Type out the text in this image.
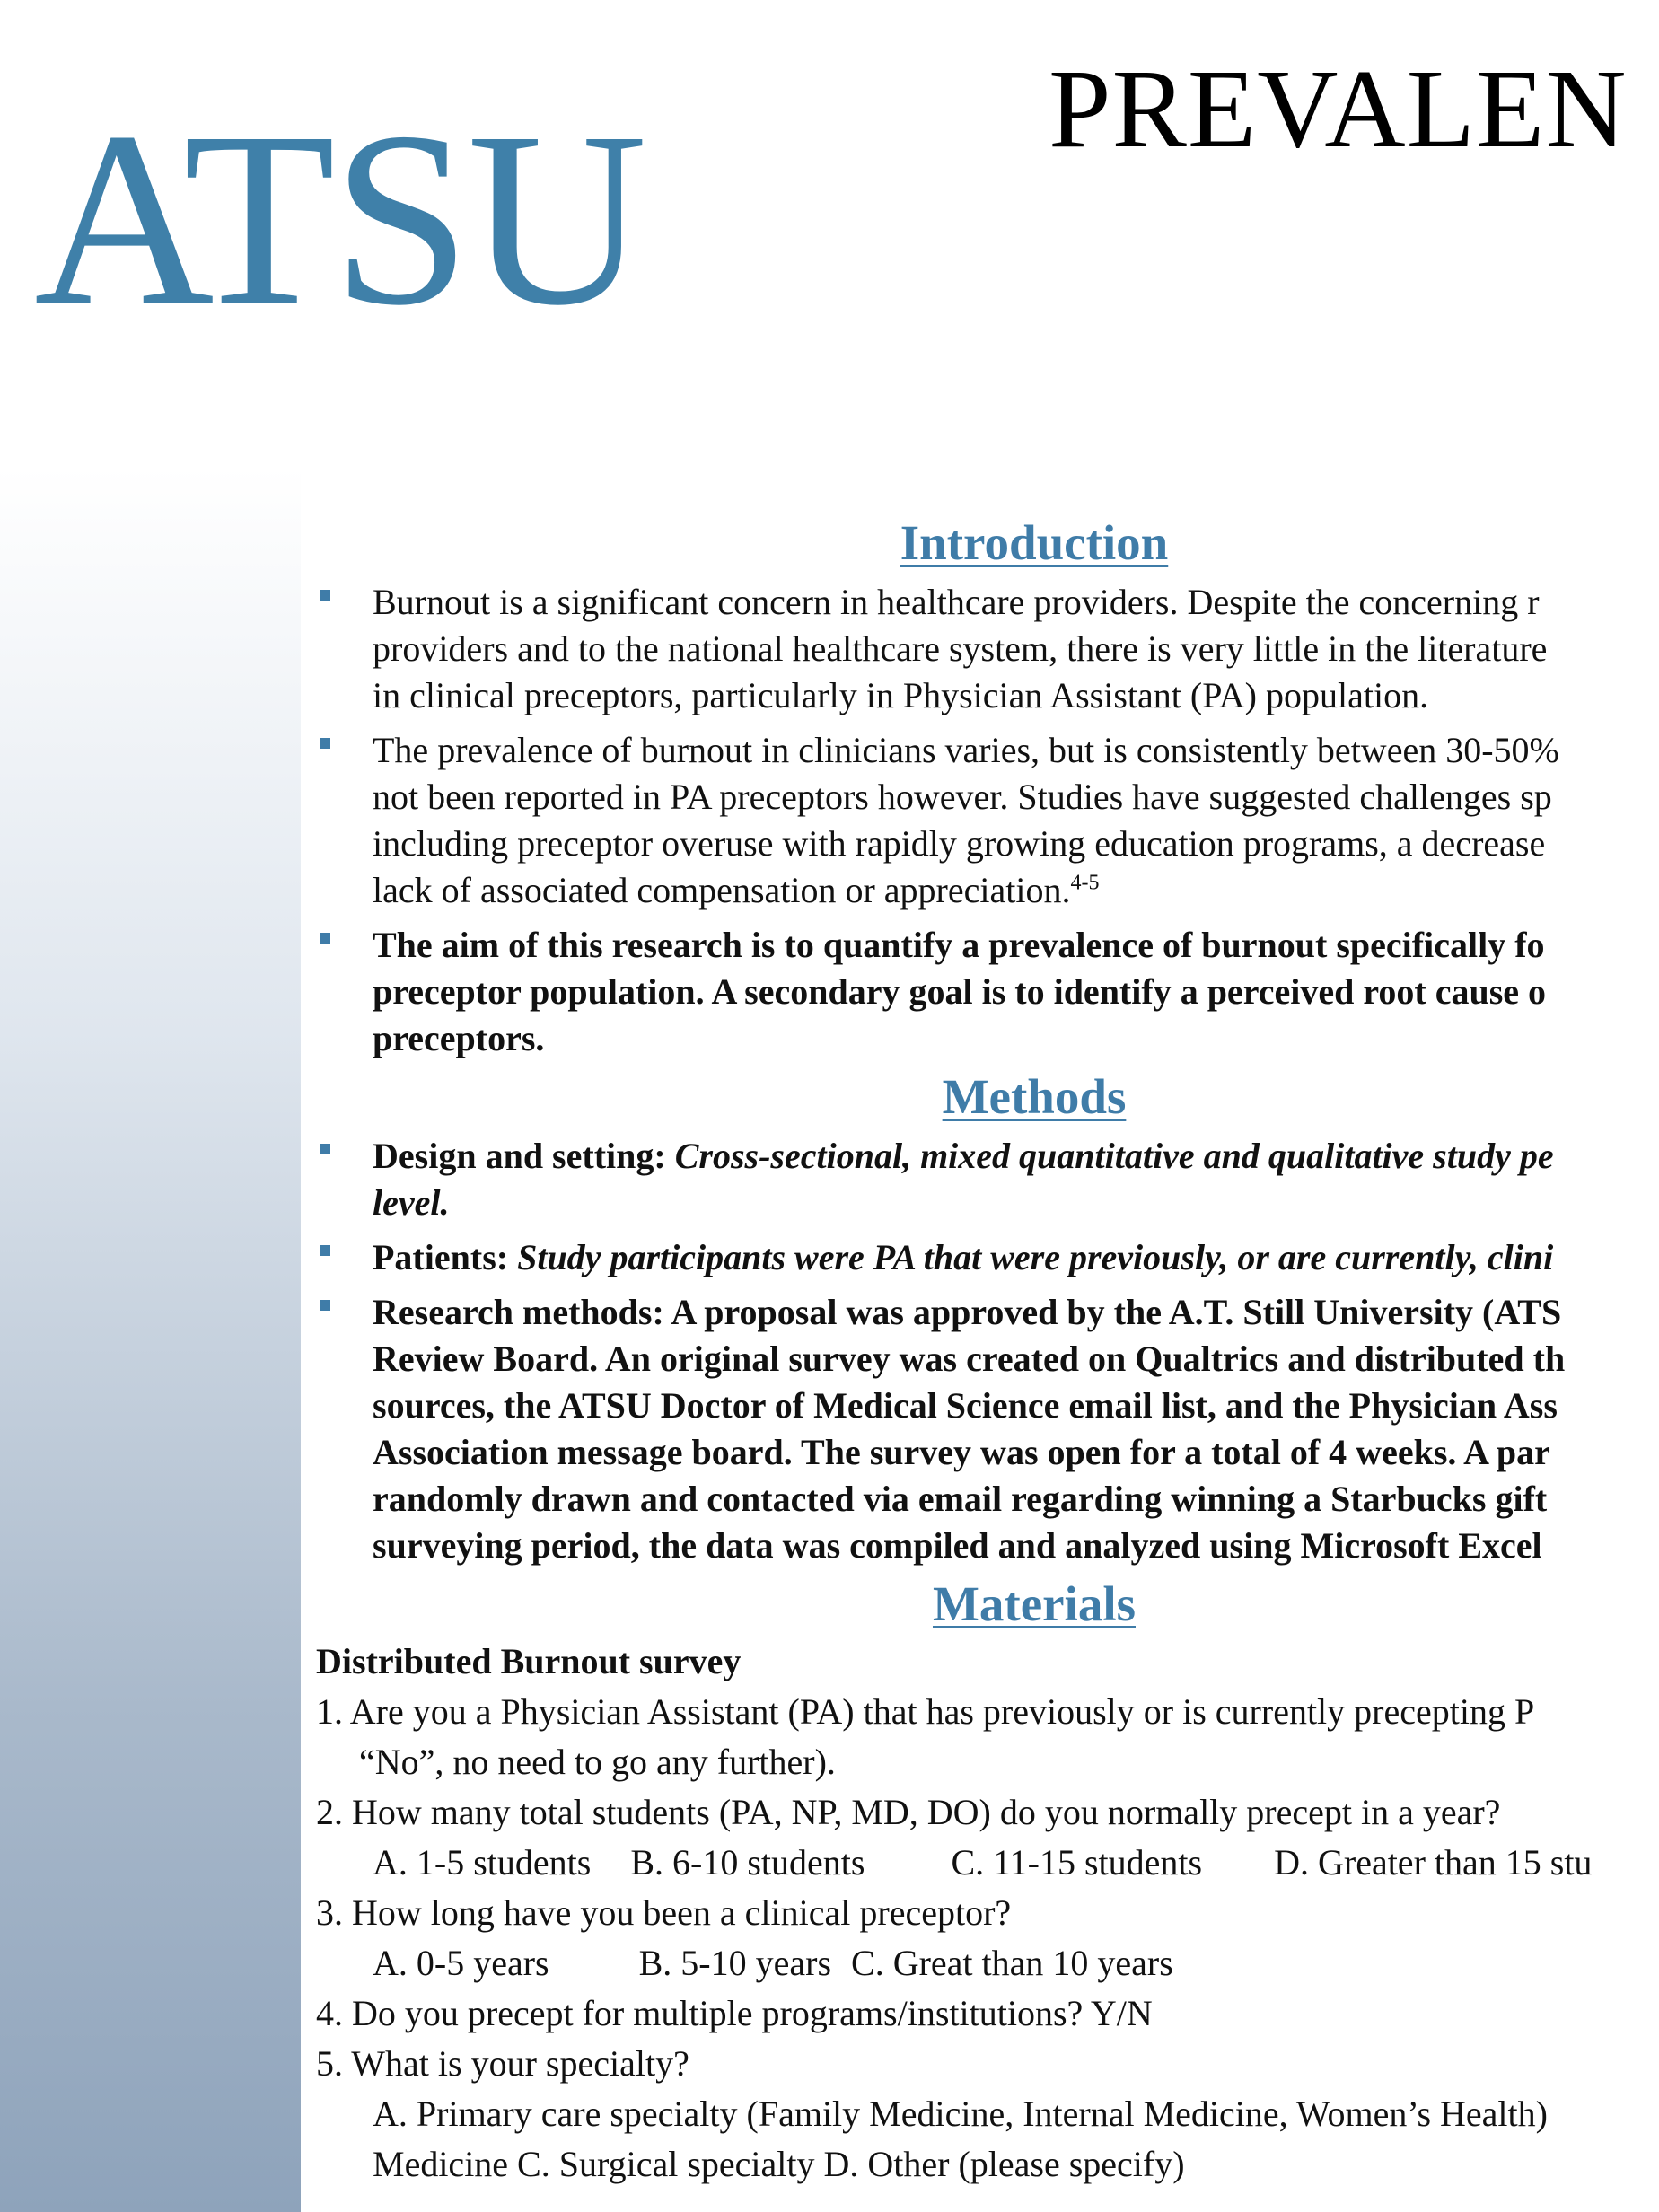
ATSU	PREVALEN
Introduction
Burnout is a significant concern in healthcare providers. Despite the concerning r
providers and to the national healthcare system, there is very little in the literature
in clinical preceptors, particularly in Physician Assistant (PA) population.
The prevalence of burnout in clinicians varies, but is consistently between 30-50%
not been reported in PA preceptors however. Studies have suggested challenges sp
including preceptor overuse with rapidly growing education programs, a decrease
lack of associated compensation or appreciation.$^{4-5}$
The aim of this research is to quantify a prevalence of burnout specifically fo
preceptor population. A secondary goal is to identify a perceived root cause o
preceptors.
Methods
Design and setting: Cross-sectional, mixed quantitative and qualitative study pe
level.
Patients: Study participants were PA that were previously, or are currently, clini
Research methods: A proposal was approved by the A.T. Still University (ATS
Review Board. An original survey was created on Qualtrics and distributed th
sources, the ATSU Doctor of Medical Science email list, and the Physician Ass
Association message board. The survey was open for a total of 4 weeks. A par
randomly drawn and contacted via email regarding winning a Starbucks gift
surveying period, the data was compiled and analyzed using Microsoft Excel
Materials
Distributed Burnout survey
1. Are you a Physician Assistant (PA) that has previously or is currently precepting P
“No”, no need to go any further).
2. How many total students (PA, NP, MD, DO) do you normally precept in a year?
A. 1-5 students B. 6-10 students C. 11-15 students D. Greater than 15 stu
3. How long have you been a clinical preceptor?
A. 0-5 years	B. 5-10 years C. Great than 10 years
4. Do you precept for multiple programs/institutions? Y/N
5. What is your specialty?
A. Primary care specialty (Family Medicine, Internal Medicine, Women’s Health)
Medicine C. Surgical specialty D. Other (please specify)
